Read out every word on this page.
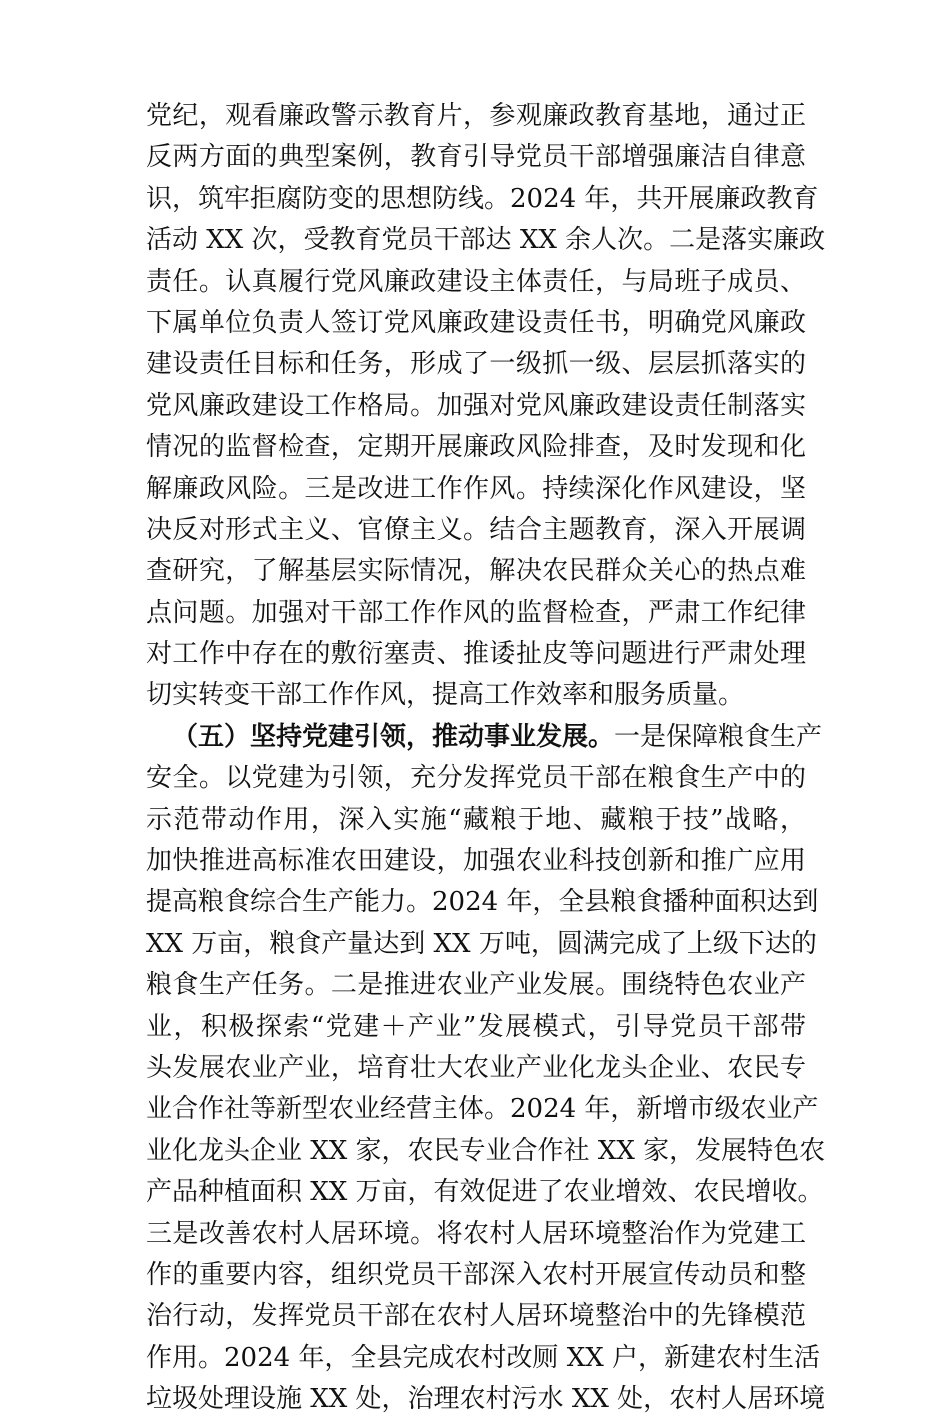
党纪，观看廉政警示教育片，参观廉政教育基地，通过正
反两方面的典型案例，教育引导党员干部增强廉洁自律意
识，筑牢拒腐防变的思想防线。2024 年，共开展廉政教育
活动 XX 次，受教育党员干部达 XX 余人次。二是落实廉政
责任。认真履行党风廉政建设主体责任，与局班子成员、
下属单位负责人签订党风廉政建设责任书，明确党风廉政
建设责任目标和任务，形成了一级抓一级、层层抓落实的
党风廉政建设工作格局。加强对党风廉政建设责任制落实
情况的监督检查，定期开展廉政风险排查，及时发现和化
解廉政风险。三是改进工作作风。持续深化作风建设，坚
决反对形式主义、官僚主义。结合主题教育，深入开展调
查研究，了解基层实际情况，解决农民群众关心的热点难
点问题。加强对干部工作作风的监督检查，严肃工作纪律
对工作中存在的敷衍塞责、推诿扯皮等问题进行严肃处理
切实转变干部工作作风，提高工作效率和服务质量。
（五）坚持党建引领，推动事业发展。一是保障粮食生产
安全。以党建为引领，充分发挥党员干部在粮食生产中的
示范带动作用，深入实施“藏粮于地、藏粮于技”战略，
加快推进高标准农田建设，加强农业科技创新和推广应用
提高粮食综合生产能力。2024 年，全县粮食播种面积达到
XX 万亩，粮食产量达到 XX 万吨，圆满完成了上级下达的
粮食生产任务。二是推进农业产业发展。围绕特色农业产
业，积极探索“党建＋产业”发展模式，引导党员干部带
头发展农业产业，培育壮大农业产业化龙头企业、农民专
业合作社等新型农业经营主体。2024 年，新增市级农业产
业化龙头企业 XX 家，农民专业合作社 XX 家，发展特色农
产品种植面积 XX 万亩，有效促进了农业增效、农民增收。
三是改善农村人居环境。将农村人居环境整治作为党建工
作的重要内容，组织党员干部深入农村开展宣传动员和整
治行动，发挥党员干部在农村人居环境整治中的先锋模范
作用。2024 年，全县完成农村改厕 XX 户，新建农村生活
垃圾处理设施 XX 处，治理农村污水 XX 处，农村人居环境
